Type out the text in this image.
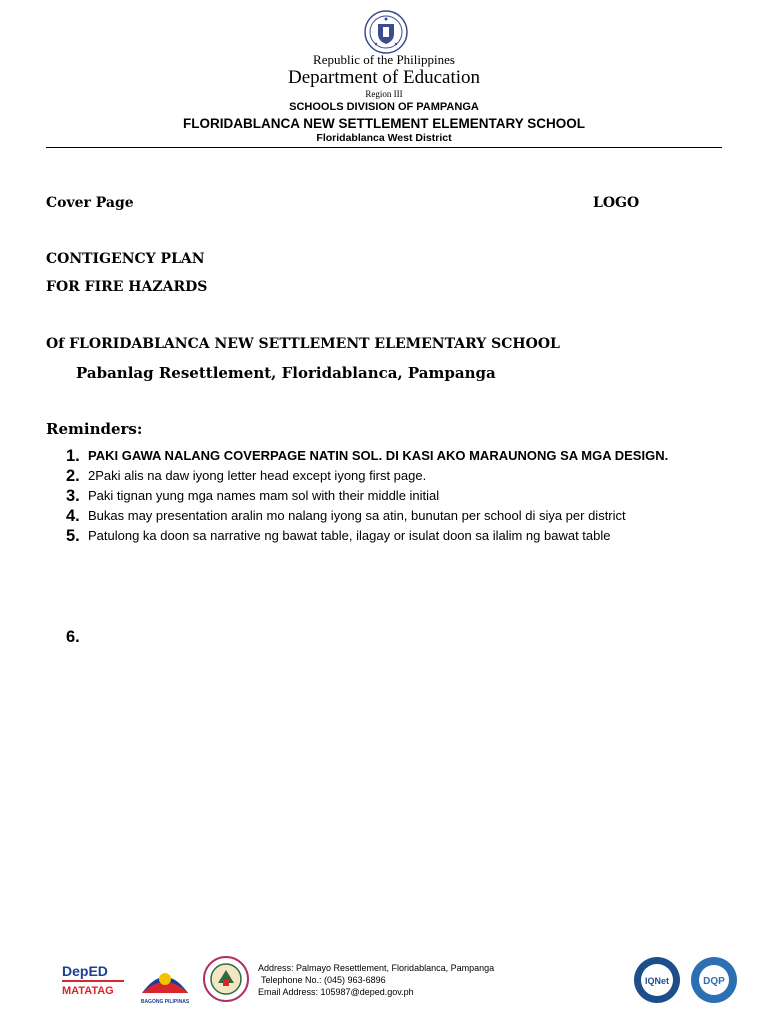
Republic of the Philippines
Department of Education
Region III
SCHOOLS DIVISION OF PAMPANGA
FLORIDABLANCA NEW SETTLEMENT ELEMENTARY SCHOOL
Floridablanca West District
Cover Page	LOGO
CONTIGENCY PLAN
FOR FIRE HAZARDS
Of FLORIDABLANCA NEW SETTLEMENT ELEMENTARY SCHOOL
Pabanlag Resettlement, Floridablanca, Pampanga
Reminders:
1. PAKI GAWA NALANG COVERPAGE NATIN SOL. DI KASI AKO MARAUNONG SA MGA DESIGN.
2. 2Paki alis na daw iyong letter head except iyong first page.
3. Paki tignan yung mga names mam sol with their middle initial
4. Bukas may presentation aralin mo nalang iyong sa atin, bunutan per school di siya per district
5. Patulong ka doon sa narrative ng bawat table, ilagay or isulat doon sa ilalim ng bawat table
6.
DepED
MATATAG
BAGONG PILIPINAS
Address: Palmayo Resettlement, Floridablanca, Pampanga
Telephone No.: (045) 963-6896
Email Address: 105987@deped.gov.ph
IQNet	DQP
